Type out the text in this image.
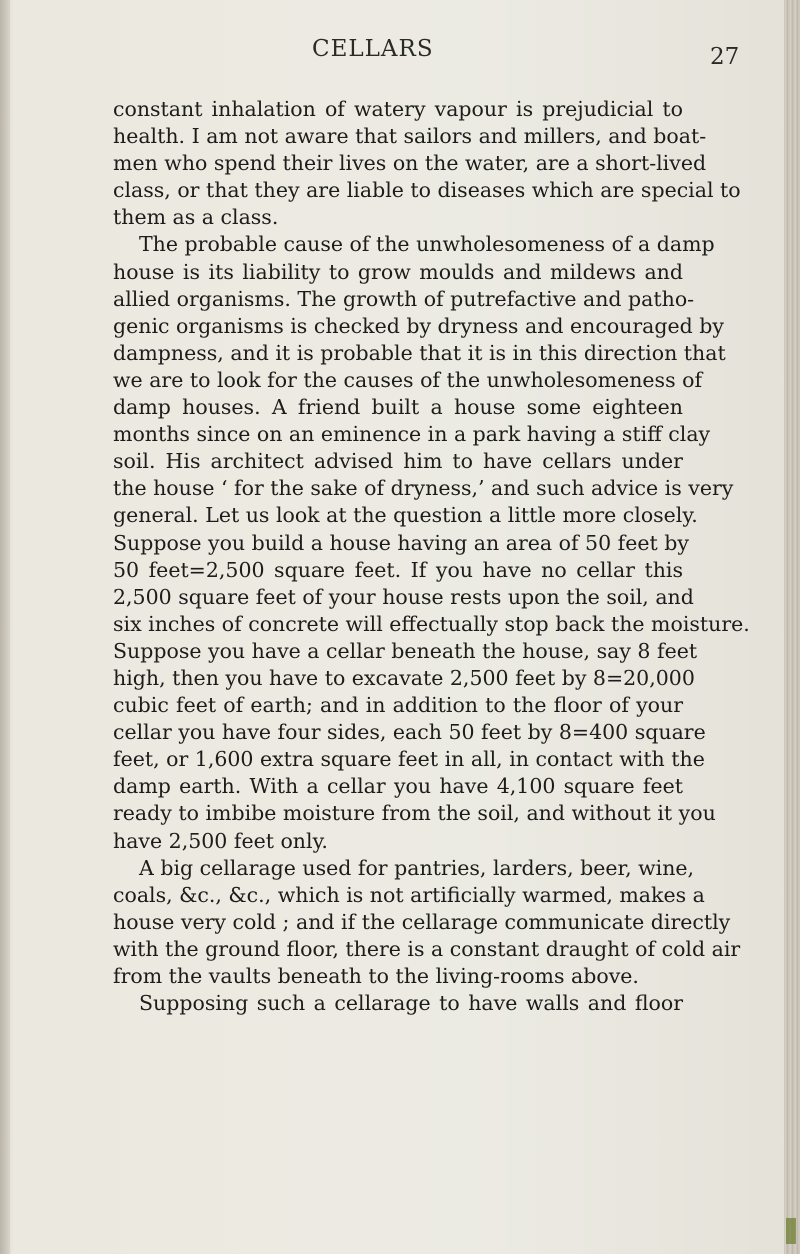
CELLARS	27
constant inhalation of watery vapour is prejudicial to
health. I am not aware that sailors and millers, and boat-
men who spend their lives on the water, are a short-lived
class, or that they are liable to diseases which are special to
them as a class.
The probable cause of the unwholesomeness of a damp
house is its liability to grow moulds and mildews and
allied organisms. The growth of putrefactive and patho-
genic organisms is checked by dryness and encouraged by
dampness, and it is probable that it is in this direction that
we are to look for the causes of the unwholesomeness of
damp houses. A friend built a house some eighteen
months since on an eminence in a park having a stiff clay
soil. His architect advised him to have cellars under
the house ‘ for the sake of dryness,’ and such advice is very
general. Let us look at the question a little more closely.
Suppose you build a house having an area of 50 feet by
50 feet=2,500 square feet. If you have no cellar this
2,500 square feet of your house rests upon the soil, and
six inches of concrete will effectually stop back the moisture.
Suppose you have a cellar beneath the house, say 8 feet
high, then you have to excavate 2,500 feet by 8=20,000
cubic feet of earth; and in addition to the floor of your
cellar you have four sides, each 50 feet by 8=400 square
feet, or 1,600 extra square feet in all, in contact with the
damp earth. With a cellar you have 4,100 square feet
ready to imbibe moisture from the soil, and without it you
have 2,500 feet only.
A big cellarage used for pantries, larders, beer, wine,
coals, &c., &c., which is not artificially warmed, makes a
house very cold ; and if the cellarage communicate directly
with the ground floor, there is a constant draught of cold air
from the vaults beneath to the living-rooms above.
Supposing such a cellarage to have walls and floor
